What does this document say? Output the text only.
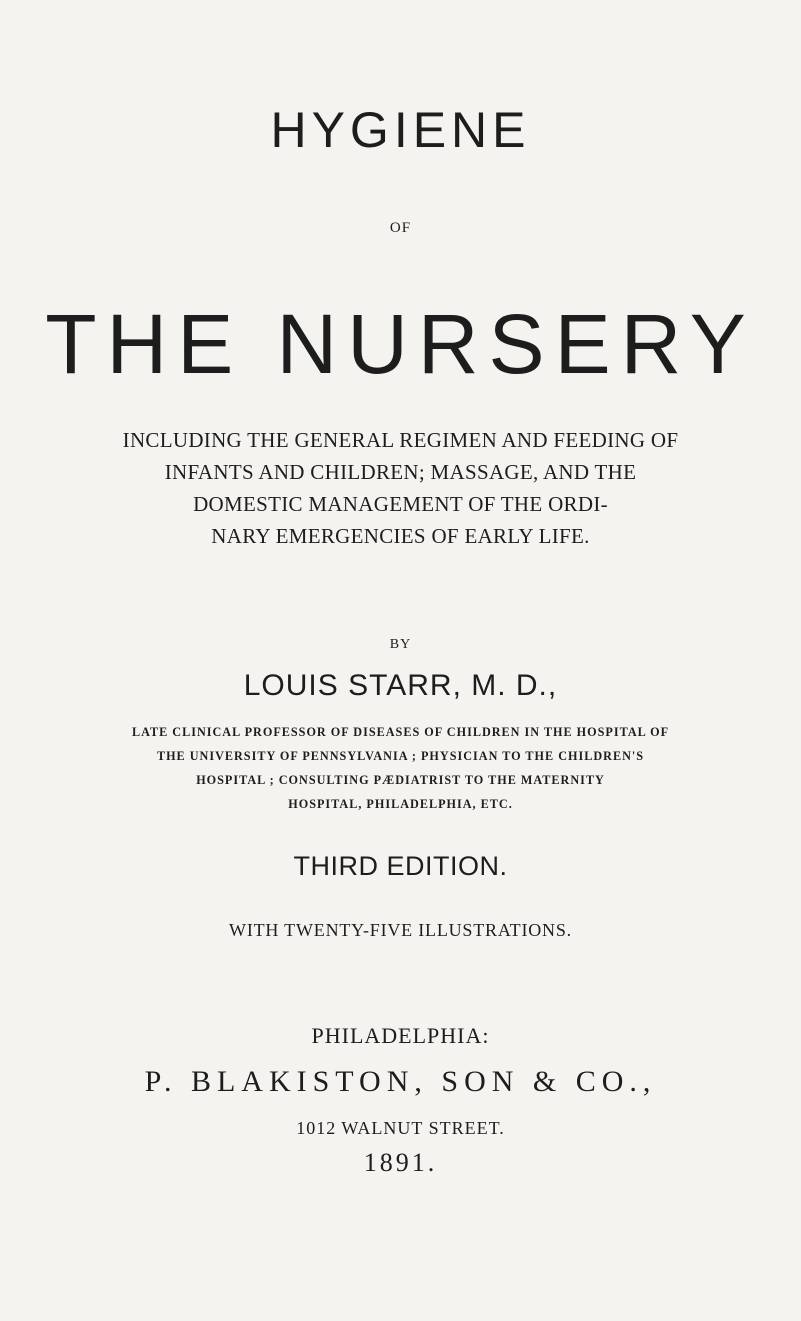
HYGIENE
OF
THE NURSERY
INCLUDING THE GENERAL REGIMEN AND FEEDING OF
INFANTS AND CHILDREN; MASSAGE, AND THE
DOMESTIC MANAGEMENT OF THE ORDI-
NARY EMERGENCIES OF EARLY LIFE.
BY
LOUIS STARR, M. D.,
LATE CLINICAL PROFESSOR OF DISEASES OF CHILDREN IN THE HOSPITAL OF
THE UNIVERSITY OF PENNSYLVANIA ; PHYSICIAN TO THE CHILDREN'S
HOSPITAL ; CONSULTING PÆDIATRIST TO THE MATERNITY
HOSPITAL, PHILADELPHIA, ETC.
THIRD EDITION.
WITH TWENTY-FIVE ILLUSTRATIONS.
PHILADELPHIA:
P. BLAKISTON, SON & CO.,
1012 WALNUT STREET.
1891.
